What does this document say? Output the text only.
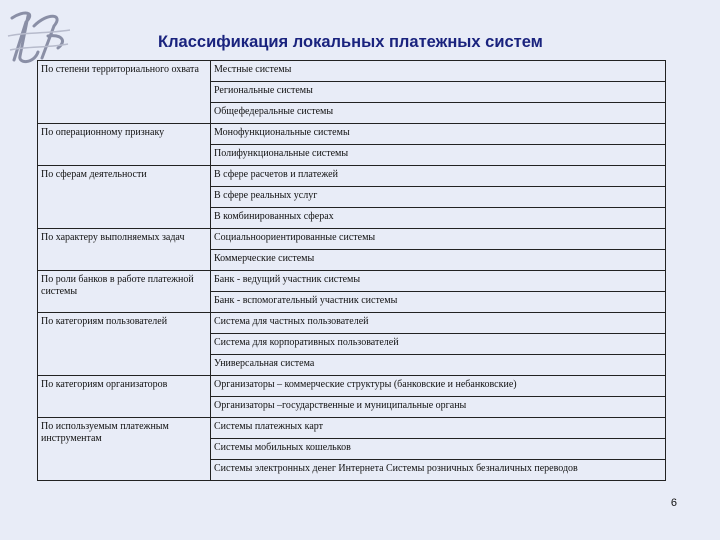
Классификация локальных платежных систем
По степени территориального охвата	Местные системы
	Региональные системы
	Общефедеральные системы
По операционному признаку	Монофункциональные системы
	Полифункциональные системы
По сферам деятельности	В сфере расчетов и платежей
	В сфере реальных услуг
	В комбинированных сферах
По характеру выполняемых задач	Социальноориентированные системы
	Коммерческие системы
По роли банков в работе платежной системы	Банк - ведущий участник системы
	Банк - вспомогательный участник системы
По категориям пользователей	Система для частных пользователей
	Система для корпоративных пользователей
	Универсальная система
По категориям организаторов	Организаторы – коммерческие структуры (банковские и небанковские)
	Организаторы –государственные и муниципальные органы
По используемым платежным инструментам	Системы платежных карт
	Системы мобильных кошельков
	Системы электронных денег Интернета Системы розничных безналичных переводов
6
